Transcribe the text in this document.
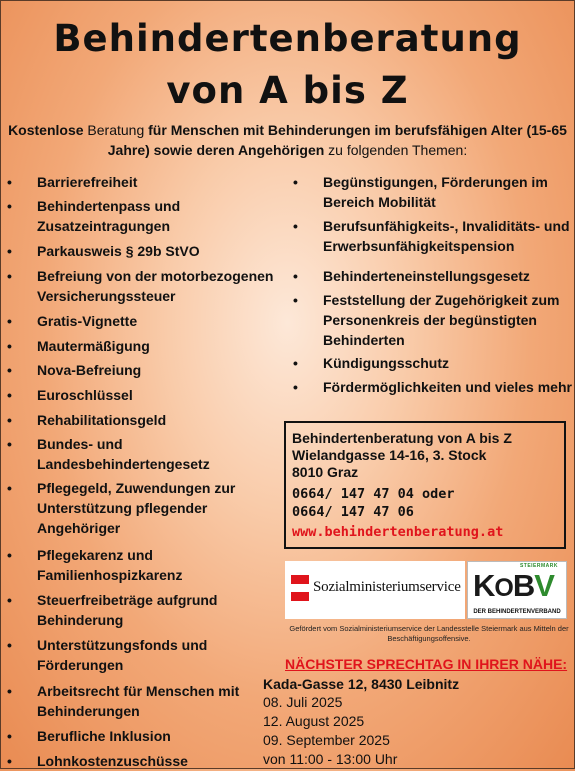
Behindertenberatung
von A bis Z
Kostenlose Beratung für Menschen mit Behinderungen im berufsfähigen Alter (15-65 Jahre) sowie deren Angehörigen zu folgenden Themen:
• Barrierefreiheit
• Behindertenpass und Zusatzeintragungen
• Parkausweis § 29b StVO
• Befreiung von der motorbezogenen Versicherungssteuer
• Gratis-Vignette
• Mautermäßigung
• Nova-Befreiung
• Euroschlüssel
• Rehabilitationsgeld
• Bundes- und Landesbehindertengesetz
• Pflegegeld, Zuwendungen zur Unterstützung pflegender Angehöriger
• Pflegekarenz und Familienhospizkarenz
• Steuerfreibeträge aufgrund Behinderung
• Unterstützungsfonds und Förderungen
• Arbeitsrecht für Menschen mit Behinderungen
• Berufliche Inklusion
• Lohnkostenzuschüsse
• Begünstigungen, Förderungen im Bereich Mobilität
• Berufsunfähigkeits-, Invaliditäts- und Erwerbsunfähigkeitspension
• Behinderteneinstellungsgesetz
• Feststellung der Zugehörigkeit zum Personenkreis der begünstigten Behinderten
• Kündigungsschutz
• Fördermöglichkeiten und vieles mehr
Behindertenberatung von A bis Z
Wielandgasse 14-16, 3. Stock
8010 Graz
0664/ 147 47 04 oder
0664/ 147 47 06
www.behindertenberatung.at
Sozialministeriumservice
STEIERMARK
KOBV
DER BEHINDERTENVERBAND
Gefördert vom Sozialministeriumservice der Landesstelle Steiermark aus Mitteln der Beschäftigungsoffensive.
NÄCHSTER SPRECHTAG IN IHRER NÄHE:
Kada-Gasse 12, 8430 Leibnitz
08. Juli 2025
12. August 2025
09. September 2025
von 11:00 - 13:00 Uhr
